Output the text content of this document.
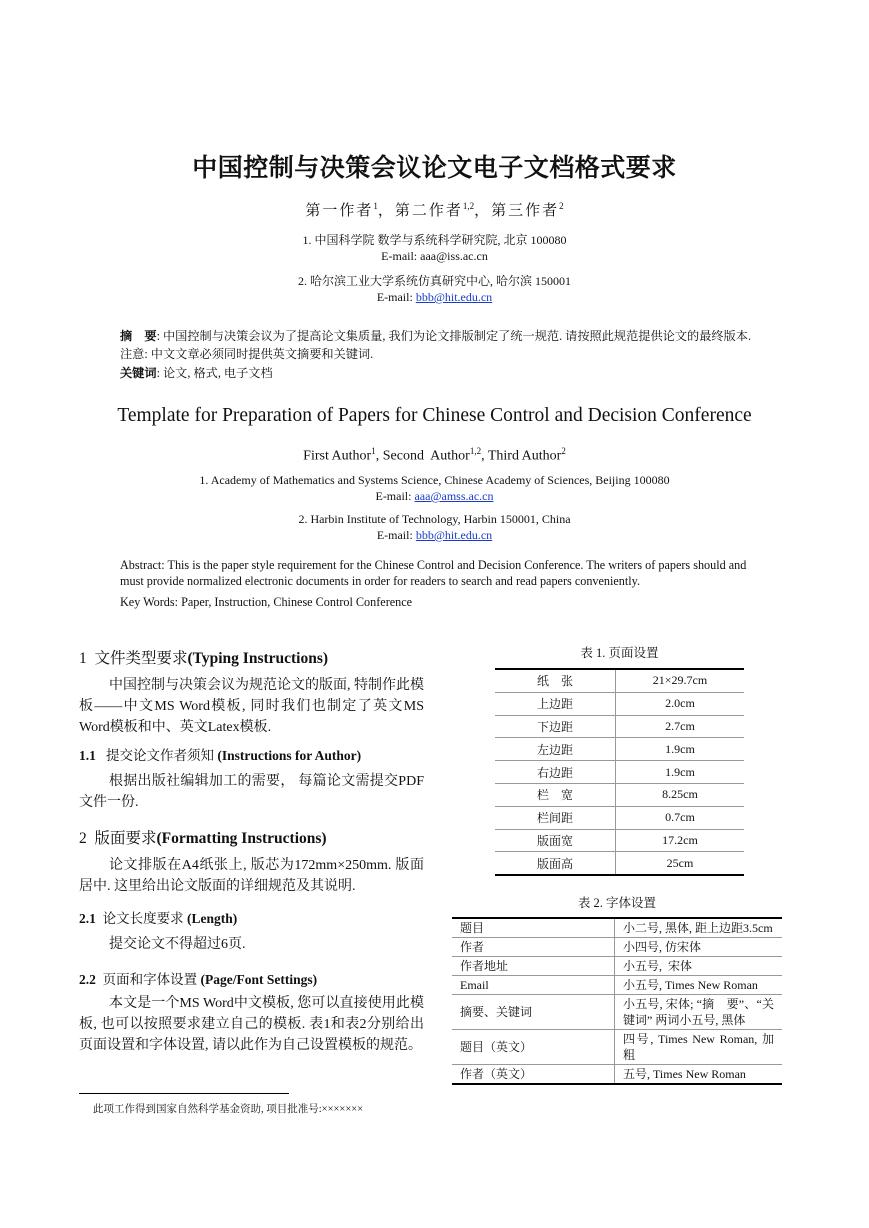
中国控制与决策会议论文电子文档格式要求
第一作者$^1$，第二作者$^{1,2}$，第三作者$^2$
1. 中国科学院 数学与系统科学研究院, 北京 100080
E-mail: aaa@iss.ac.cn
2. 哈尔滨工业大学系统仿真研究中心, 哈尔滨 150001
E-mail: bbb@hit.edu.cn
摘　要: 中国控制与决策会议为了提高论文集质量, 我们为论文排版制定了统一规范. 请按照此规范提供论文的最终版本. 注意: 中文文章必须同时提供英文摘要和关键词.
关键词: 论文, 格式, 电子文档
Template for Preparation of Papers for Chinese Control and Decision Conference
First Author$^1$, Second  Author$^{1,2}$, Third Author$^2$
1. Academy of Mathematics and Systems Science, Chinese Academy of Sciences, Beijing 100080
E-mail: aaa@amss.ac.cn
2. Harbin Institute of Technology, Harbin 150001, China
E-mail: bbb@hit.edu.cn
Abstract: This is the paper style requirement for the Chinese Control and Decision Conference. The writers of papers should and must provide normalized electronic documents in order for readers to search and read papers conveniently.
Key Words: Paper, Instruction, Chinese Control Conference
1 文件类型要求(Typing Instructions)
中国控制与决策会议为规范论文的版面, 特制作此模板——中文MS Word模板, 同时我们也制定了英文MS Word模板和中、英文Latex模板.
1.1 提交论文作者须知 (Instructions for Author)
根据出版社编辑加工的需要， 每篇论文需提交PDF文件一份.
2 版面要求(Formatting Instructions)
论文排版在A4纸张上, 版芯为172mm×250mm. 版面居中. 这里给出论文版面的详细规范及其说明.
2.1 论文长度要求 (Length)
提交论文不得超过6页.
2.2 页面和字体设置 (Page/Font Settings)
本文是一个MS Word中文模板, 您可以直接使用此模板, 也可以按照要求建立自己的模板. 表1和表2分别给出页面设置和字体设置, 请以此作为自己设置模板的规范。
此项工作得到国家自然科学基金资助, 项目批准号:×××××××
表 1. 页面设置
纸　张	21×29.7cm
上边距	2.0cm
下边距	2.7cm
左边距	1.9cm
右边距	1.9cm
栏　宽	8.25cm
栏间距	0.7cm
版面宽	17.2cm
版面高	25cm
表 2. 字体设置
题目	小二号, 黑体, 距上边距3.5cm
作者	小四号, 仿宋体
作者地址	小五号,  宋体
Email	小五号, Times New Roman
摘要、关键词	小五号, 宋体; “摘　要”、“关键词” 两词小五号, 黑体
题目（英文）	四号, Times New Roman, 加粗
作者（英文）	五号, Times New Roman
